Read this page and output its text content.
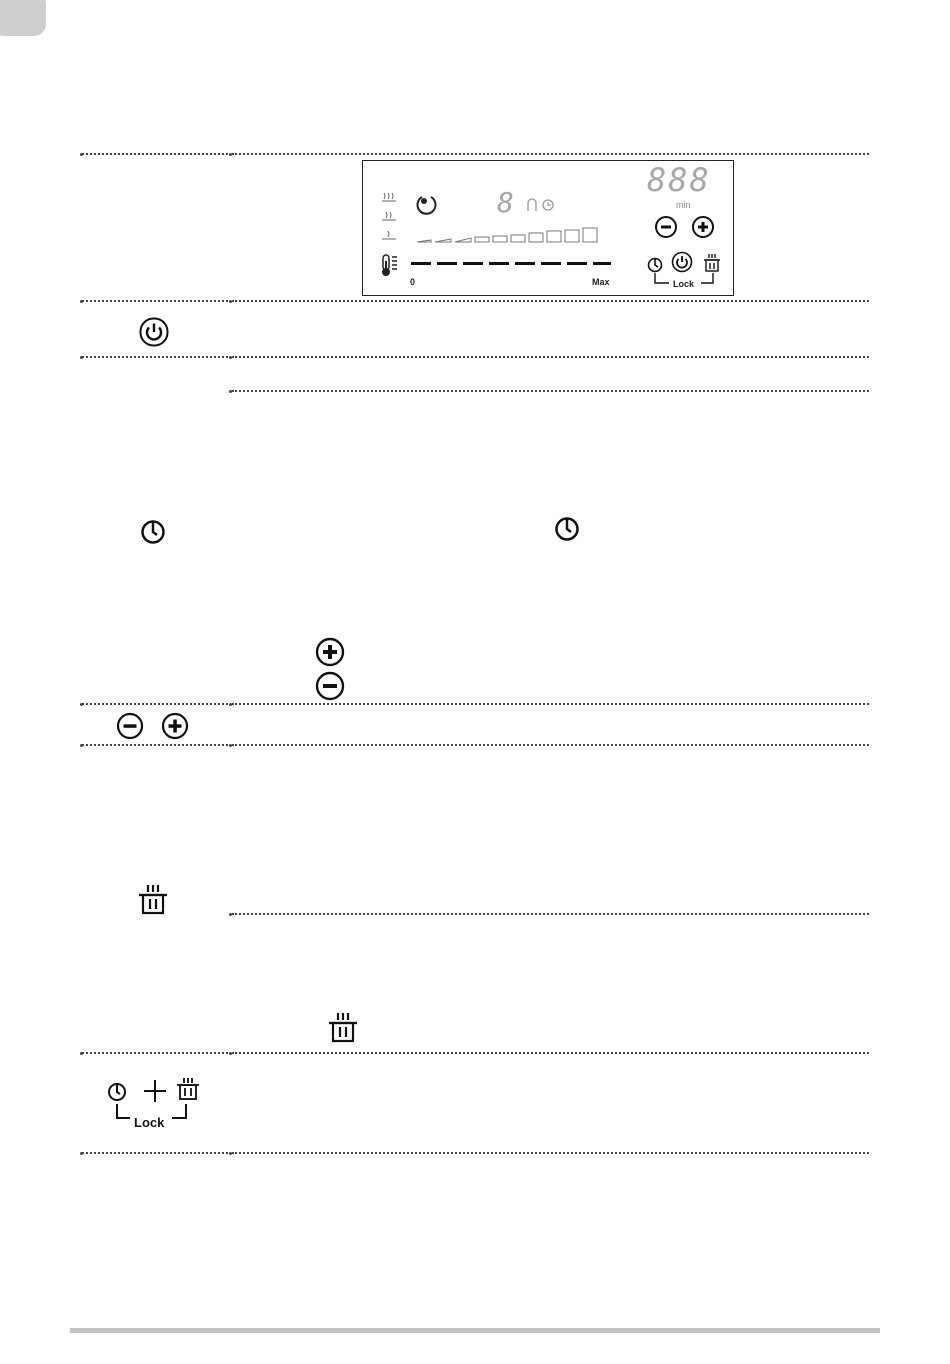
8
0	Max
888
min
Lock
Lock
